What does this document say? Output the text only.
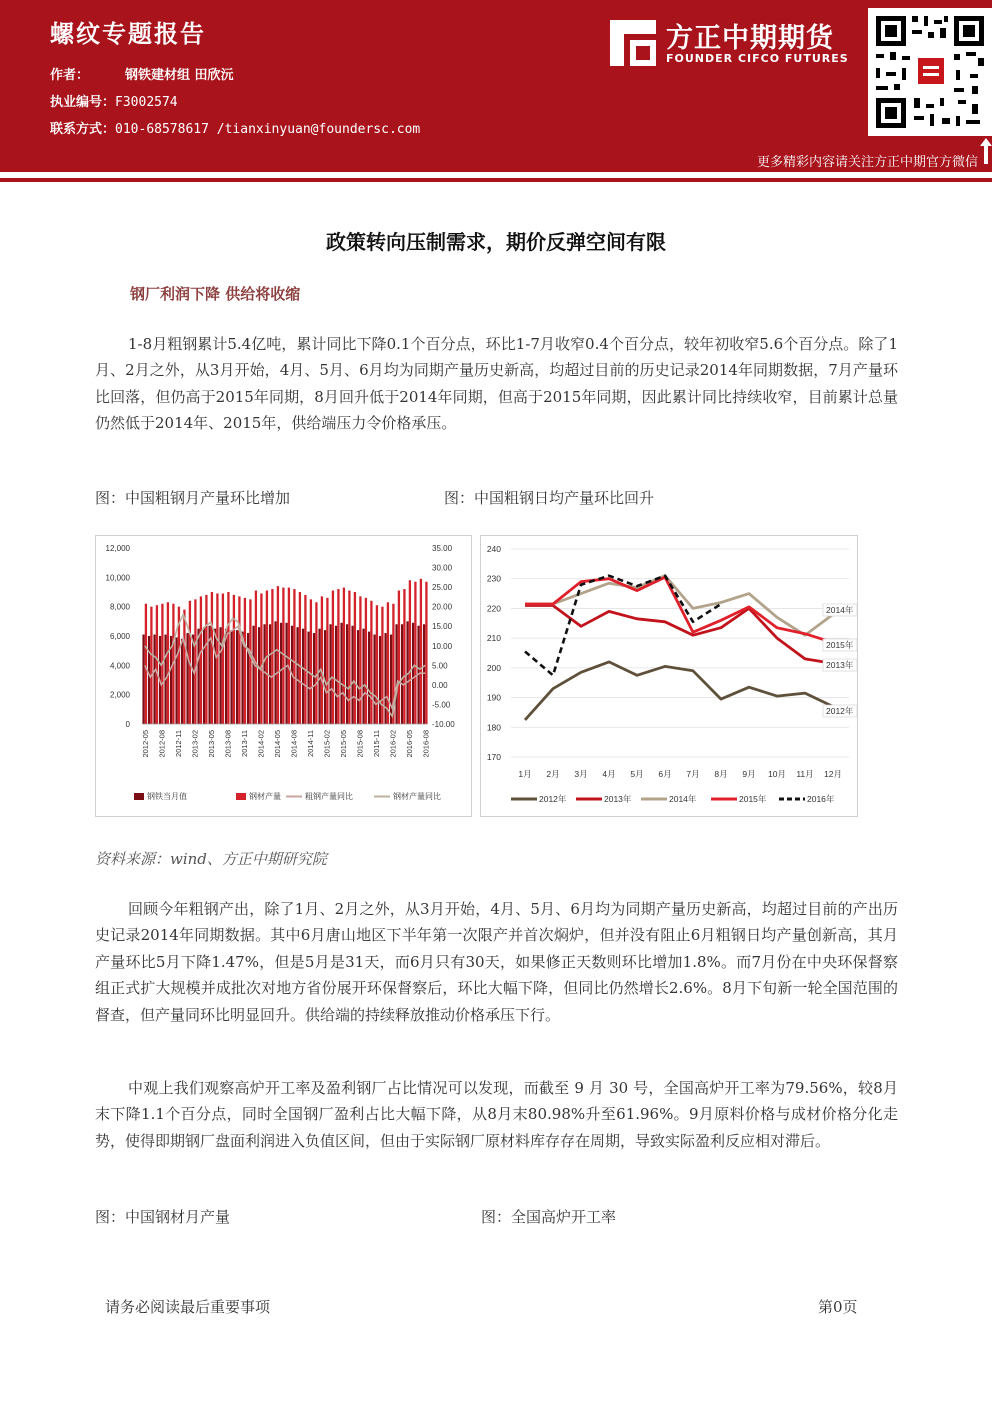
螺纹专题报告
作者：	钢铁建材组 田欣沅
执业编号：F3002574
联系方式：010-68578617 /tianxinyuan@foundersc.com
方正中期期货
FOUNDER CIFCO FUTURES
更多精彩内容请关注方正中期官方微信
政策转向压制需求，期价反弹空间有限
钢厂利润下降 供给将收缩
1-8月粗钢累计5.4亿吨，累计同比下降0.1个百分点，环比1-7月收窄0.4个百分点，较年初收窄5.6个百分点。除了1月、2月之外，从3月开始，4月、5月、6月均为同期产量历史新高，均超过目前的历史记录2014年同期数据，7月产量环比回落，但仍高于2015年同期，8月回升低于2014年同期，但高于2015年同期，因此累计同比持续收窄，目前累计总量仍然低于2014年、2015年，供给端压力令价格承压。
图：中国粗钢月产量环比增加	图：中国粗钢日均产量环比回升
0
2,000
4,000
6,000
8,000
10,000
12,000
-10.00
-5.00
0.00
5.00
10.00
15.00
20.00
25.00
30.00
35.00
2012-05 2012-08 2012-11 2013-02 2013-05 2013-08 2013-11 2014-02 2014-05 2014-08 2014-11 2015-02 2015-05 2015-08 2015-11 2016-02 2016-05 2016-08
钢铁当月值	钢材产量	粗钢产量同比	钢材产量同比
170
180
190
200
210
220
230
240
1月 2月 3月 4月 5月 6月 7月 8月 9月 10月 11月 12月
2012年
2013年
2014年
2015年
2012年	2013年	2014年	2015年	2016年
资料来源：wind、方正中期研究院
回顾今年粗钢产出，除了1月、2月之外，从3月开始，4月、5月、6月均为同期产量历史新高，均超过目前的产出历史记录2014年同期数据。其中6月唐山地区下半年第一次限产并首次焖炉，但并没有阻止6月粗钢日均产量创新高，其月产量环比5月下降1.47%，但是5月是31天，而6月只有30天，如果修正天数则环比增加1.8%。而7月份在中央环保督察组正式扩大规模并成批次对地方省份展开环保督察后，环比大幅下降，但同比仍然增长2.6%。8月下旬新一轮全国范围的督查，但产量同环比明显回升。供给端的持续释放推动价格承压下行。
中观上我们观察高炉开工率及盈利钢厂占比情况可以发现，而截至 9 月 30 号，全国高炉开工率为79.56%，较8月末下降1.1个百分点，同时全国钢厂盈利占比大幅下降，从8月末80.98%升至61.96%。9月原料价格与成材价格分化走势，使得即期钢厂盘面利润进入负值区间，但由于实际钢厂原材料库存存在周期，导致实际盈利反应相对滞后。
图：中国钢材月产量	图：全国高炉开工率
请务必阅读最后重要事项	第0页
